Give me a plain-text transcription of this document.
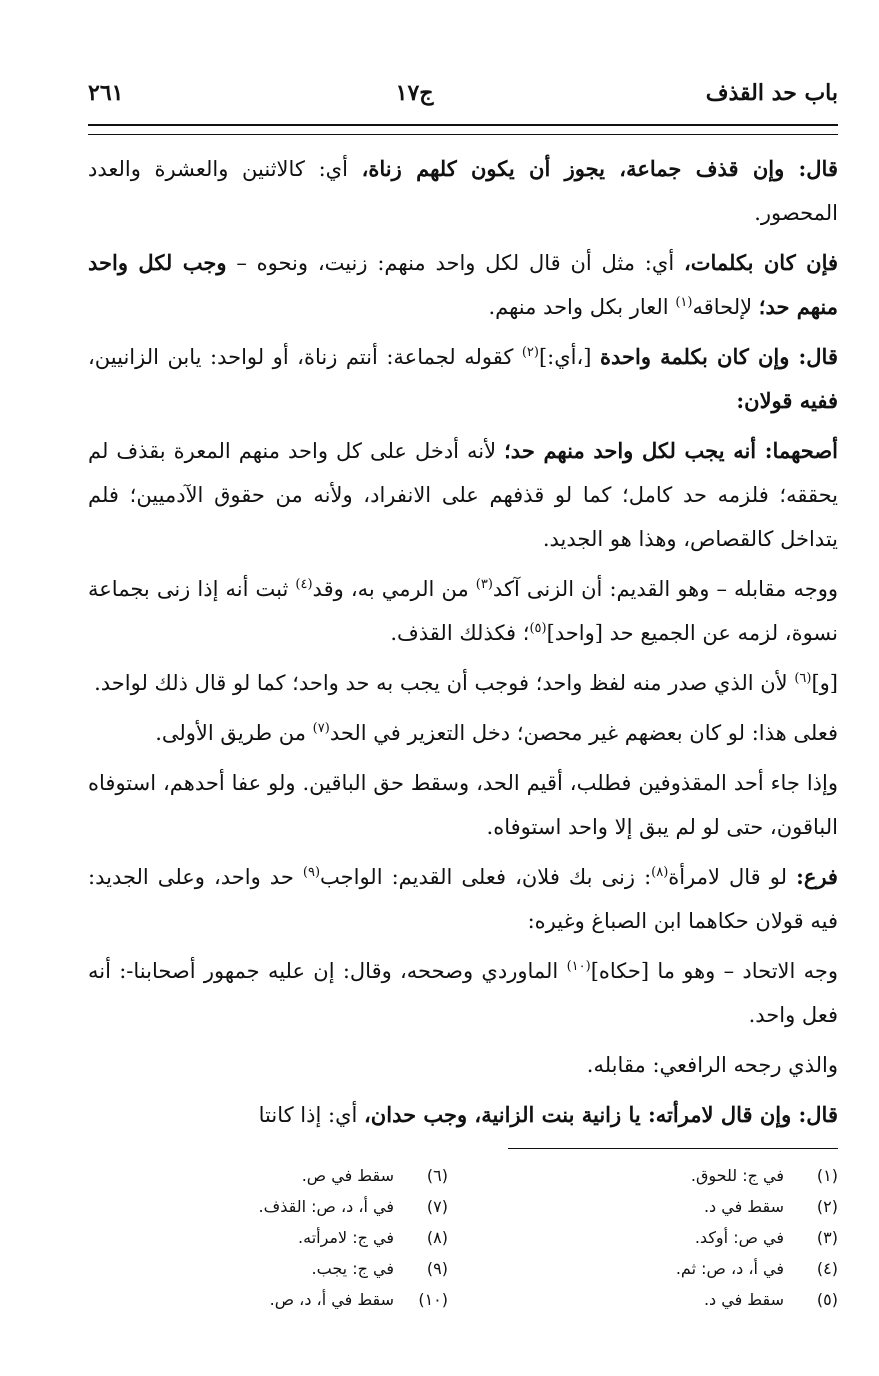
باب حد القذف
ج١٧
٢٦١

قال: وإن قذف جماعة، يجوز أن يكون كلهم زناة، أي: كالاثنين والعشرة والعدد المحصور.

فإن كان بكلمات، أي: مثل أن قال لكل واحد منهم: زنيت، ونحوه – وجب لكل واحد منهم حد؛ لإلحاقه$^{(١)}$ العار بكل واحد منهم.

قال: وإن كان بكلمة واحدة [،أي:]$^{(٢)}$ كقوله لجماعة: أنتم زناة، أو لواحد: يابن الزانيين، ففيه قولان:

أصحهما: أنه يجب لكل واحد منهم حد؛ لأنه أدخل على كل واحد منهم المعرة بقذف لم يحققه؛ فلزمه حد كامل؛ كما لو قذفهم على الانفراد، ولأنه من حقوق الآدميين؛ فلم يتداخل كالقصاص، وهذا هو الجديد.

ووجه مقابله – وهو القديم: أن الزنى آكد$^{(٣)}$ من الرمي به، وقد$^{(٤)}$ ثبت أنه إذا زنى بجماعة نسوة، لزمه عن الجميع حد [واحد]$^{(٥)}$؛ فكذلك القذف.

[و]$^{(٦)}$ لأن الذي صدر منه لفظ واحد؛ فوجب أن يجب به حد واحد؛ كما لو قال ذلك لواحد.

فعلى هذا: لو كان بعضهم غير محصن؛ دخل التعزير في الحد$^{(٧)}$ من طريق الأولى.

وإذا جاء أحد المقذوفين فطلب، أقيم الحد، وسقط حق الباقين. ولو عفا أحدهم، استوفاه الباقون، حتى لو لم يبق إلا واحد استوفاه.

فرع: لو قال لامرأة$^{(٨)}$: زنى بك فلان، فعلى القديم: الواجب$^{(٩)}$ حد واحد، وعلى الجديد: فيه قولان حكاهما ابن الصباغ وغيره:

وجه الاتحاد – وهو ما [حكاه]$^{(١٠)}$ الماوردي وصححه، وقال: إن عليه جمهور أصحابنا-: أنه فعل واحد.

والذي رجحه الرافعي: مقابله.

قال: وإن قال لامرأته: يا زانية بنت الزانية، وجب حدان، أي: إذا كانتا

(١)
في ج: للحوق.
(٢)
سقط في د.
(٣)
في ص: أوكد.
(٤)
في أ، د، ص: ثم.
(٥)
سقط في د.
(٦)
سقط في ص.
(٧)
في أ، د، ص: القذف.
(٨)
في ج: لامرأته.
(٩)
في ج: يجب.
(١٠)
سقط في أ، د، ص.
